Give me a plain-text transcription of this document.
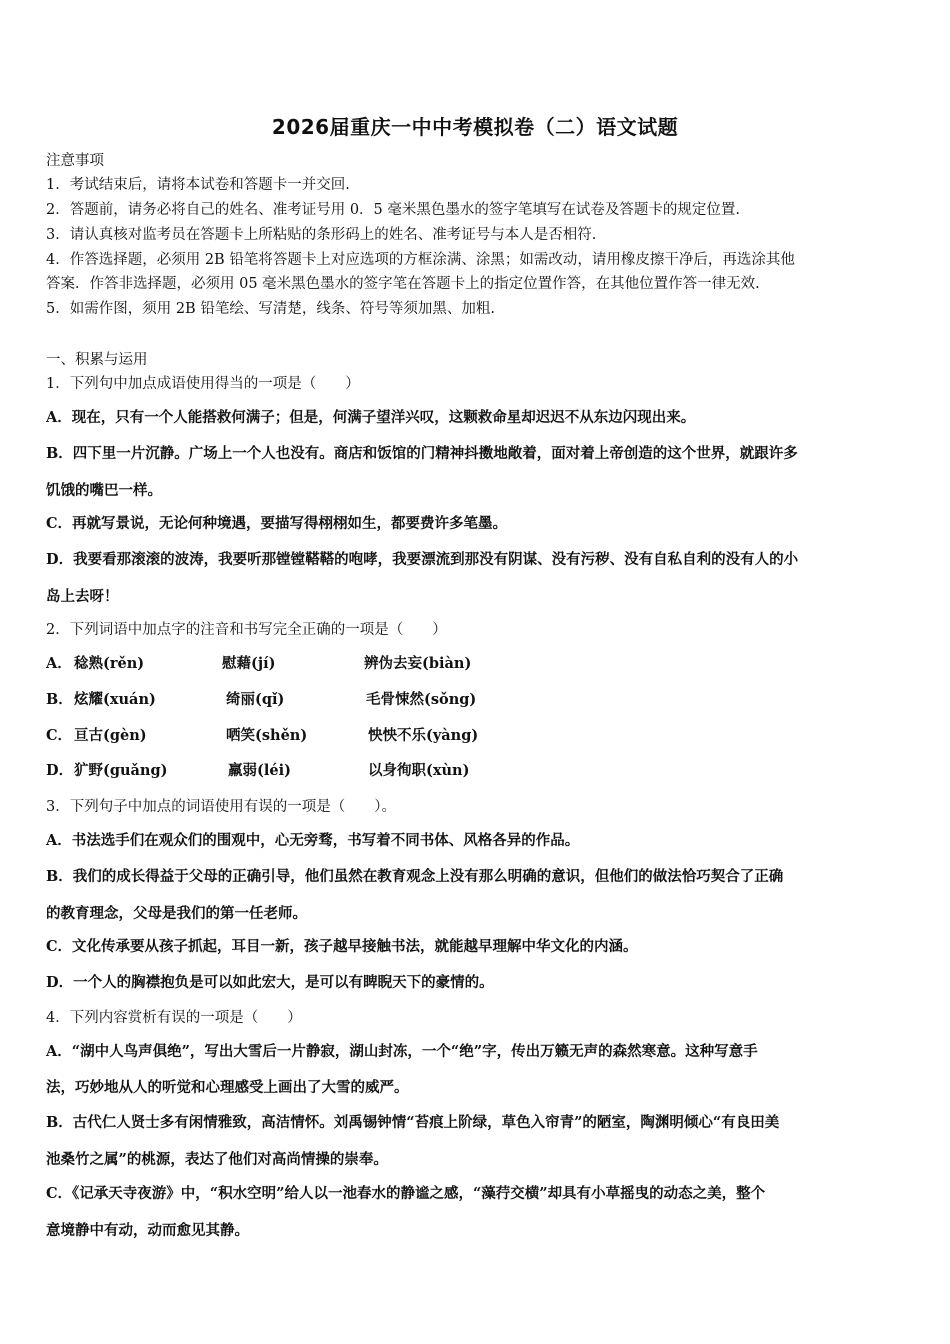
2026届重庆一中中考模拟卷（二）语文试题
注意事项
1．考试结束后，请将本试卷和答题卡一并交回.
2．答题前，请务必将自己的姓名、准考证号用 0．5 毫米黑色墨水的签字笔填写在试卷及答题卡的规定位置.
3．请认真核对监考员在答题卡上所粘贴的条形码上的姓名、准考证号与本人是否相符.
4．作答选择题，必须用 2B 铅笔将答题卡上对应选项的方框涂满、涂黑；如需改动，请用橡皮擦干净后，再选涂其他
答案．作答非选择题，必须用 05 毫米黑色墨水的签字笔在答题卡上的指定位置作答，在其他位置作答一律无效.
5．如需作图，须用 2B 铅笔绘、写清楚，线条、符号等须加黑、加粗.
一、积累与运用
1．下列句中加点成语使用得当的一项是（　　）
A．现在，只有一个人能搭救何满子；但是，何满子望洋兴叹，这颗救命星却迟迟不从东边闪现出来。
B．四下里一片沉静。广场上一个人也没有。商店和饭馆的门精神抖擞地敞着，面对着上帝创造的这个世界，就跟许多
饥饿的嘴巴一样。
C．再就写景说，无论何种境遇，要描写得栩栩如生，都要费许多笔墨。
D．我要看那滚滚的波涛，我要听那镗镗鞳鞳的咆哮，我要漂流到那没有阴谋、没有污秽、没有自私自利的没有人的小
岛上去呀！
2．下列词语中加点字的注音和书写完全正确的一项是（　　）
A． 稔熟(rěn)	慰藉(jí)	辨伪去妄(biàn)
B． 炫耀(xuán)	绮丽(qǐ)	毛骨悚然(sǒng)
C． 亘古(gèn)	哂笑(shěn)	怏怏不乐(yàng)
D． 犷野(guǎng)	羸弱(léi)	以身徇职(xùn)
3．下列句子中加点的词语使用有误的一项是（　　）。
A．书法选手们在观众们的围观中，心无旁骛，书写着不同书体、风格各异的作品。
B．我们的成长得益于父母的正确引导，他们虽然在教育观念上没有那么明确的意识，但他们的做法恰巧契合了正确
的教育理念，父母是我们的第一任老师。
C．文化传承要从孩子抓起，耳目一新，孩子越早接触书法，就能越早理解中华文化的内涵。
D．一个人的胸襟抱负是可以如此宏大，是可以有睥睨天下的豪情的。
4．下列内容赏析有误的一项是（　　）
A．“湖中人鸟声俱绝”，写出大雪后一片静寂，湖山封冻，一个“绝”字，传出万籁无声的森然寒意。这种写意手
法，巧妙地从人的听觉和心理感受上画出了大雪的威严。
B．古代仁人贤士多有闲情雅致，高洁情怀。刘禹锡钟情“苔痕上阶绿，草色入帘青”的陋室，陶渊明倾心“有良田美
池桑竹之属”的桃源，表达了他们对高尚情操的崇奉。
C．《记承天寺夜游》中，“积水空明”给人以一池春水的静谧之感，“藻荇交横”却具有小草摇曳的动态之美，整个
意境静中有动，动而愈见其静。
